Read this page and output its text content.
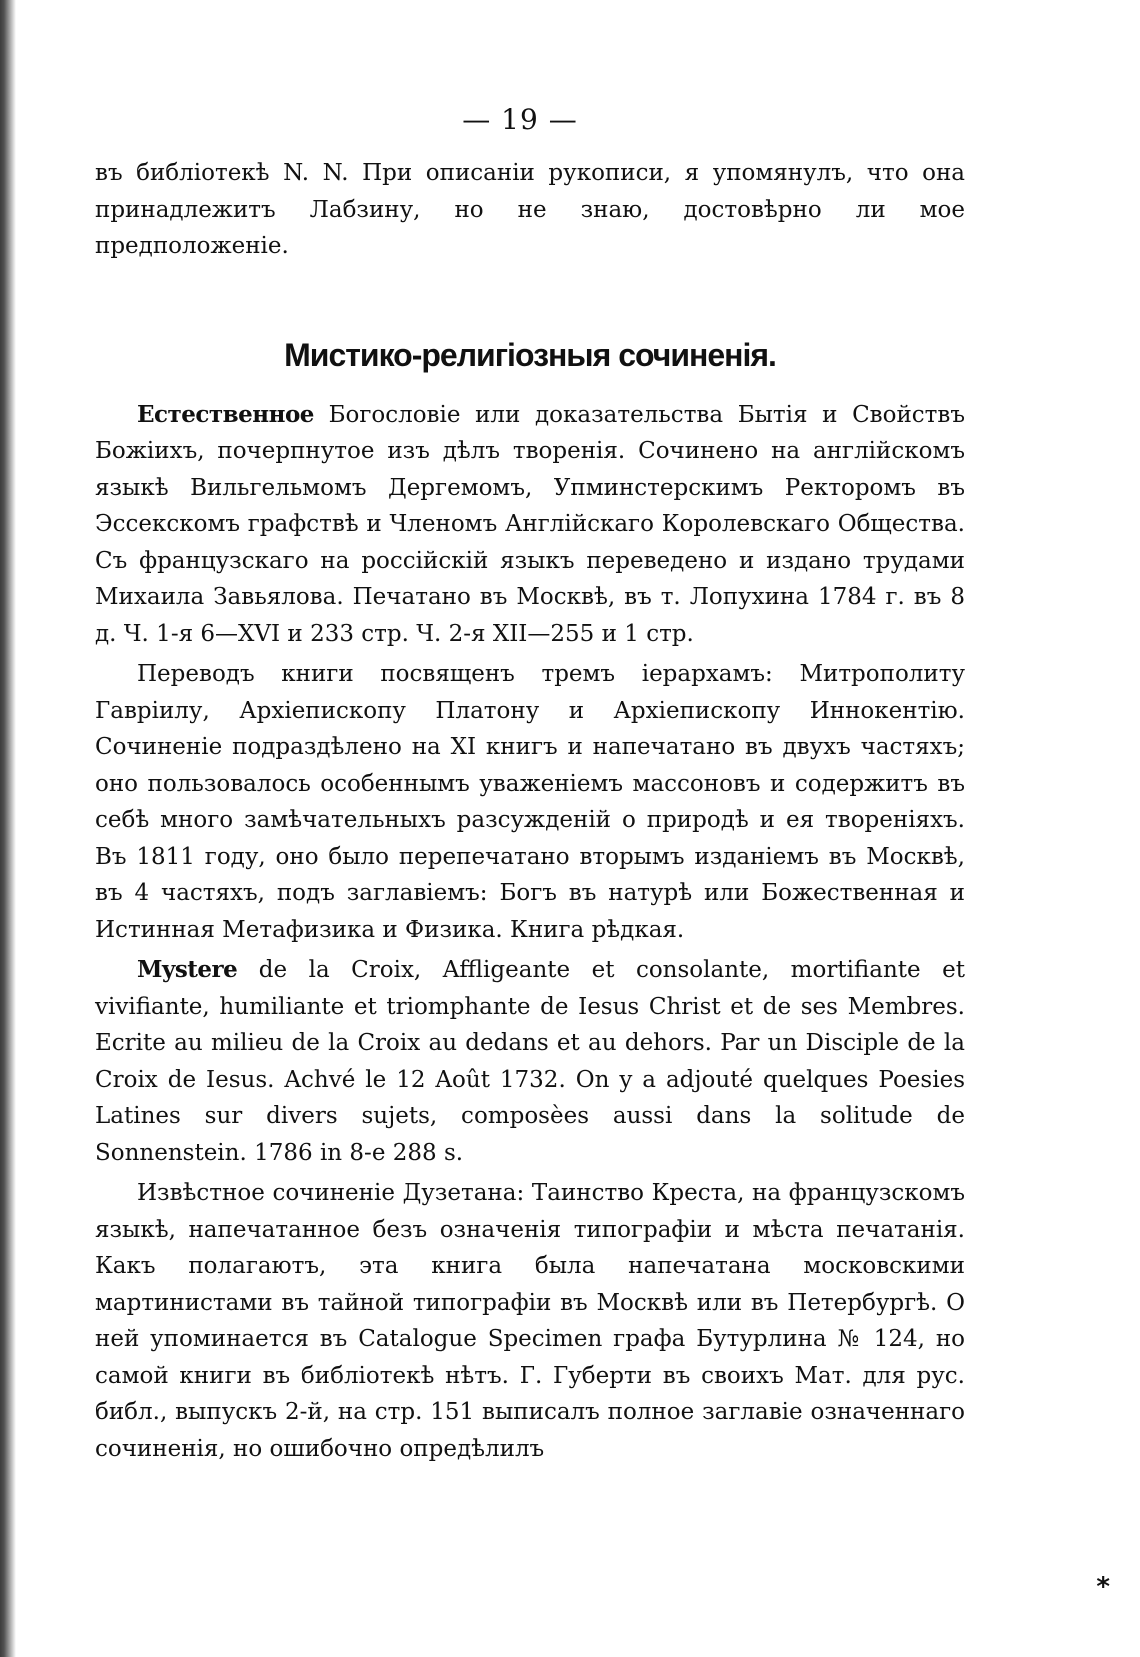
— 19 —

въ библіотекѣ N. N. При описаніи рукописи, я упомянулъ, что она принадлежитъ Лабзину, но не знаю, достовѣрно ли мое предположеніе.

Мистико-религіозныя сочиненія.

Естественное Богословіе или доказательства Бытія и Свойствъ Божіихъ, почерпнутое изъ дѣлъ творенія. Сочинено на англійскомъ языкѣ Вильгельмомъ Дергемомъ, Упминстерскимъ Ректоромъ въ Эссекскомъ графствѣ и Членомъ Англійскаго Королевскаго Общества. Съ французскаго на россійскій языкъ переведено и издано трудами Михаила Завьялова. Печатано въ Москвѣ, въ т. Лопухина 1784 г. въ 8 д. Ч. 1-я 6—XVI и 233 стр. Ч. 2-я XII—255 и 1 стр.

Переводъ книги посвященъ тремъ іерархамъ: Митрополиту Гаврiилу, Архіепископу Платону и Архіепископу Иннокентію. Сочиненіе подраздѣлено на XI книгъ и напечатано въ двухъ частяхъ; оно пользовалось особеннымъ уваженіемъ массоновъ и содержитъ въ себѣ много замѣчательныхъ разсужденій о природѣ и ея твореніяхъ. Въ 1811 году, оно было перепечатано вторымъ изданіемъ въ Москвѣ, въ 4 частяхъ, подъ заглавіемъ: Богъ въ натурѣ или Божественная и Истинная Метафизика и Физика. Книга рѣдкая.

Mystere de la Croix, Affligeante et consolante, mortifiante et vivifiante, humiliante et triomphante de Iesus Christ et de ses Membres. Ecrite au milieu de la Croix au dedans et au dehors. Par un Disciple de la Croix de Iesus. Achvé le 12 Août 1732. On y a adjouté quelques Poesies Latines sur divers sujets, composèes aussi dans la solitude de Sonnenstein. 1786 in 8-е 288 s.

Извѣстное сочиненіе Дузетана: Таинство Креста, на французскомъ языкѣ, напечатанное безъ означенія типографіи и мѣста печатанія. Какъ полагаютъ, эта книга была напечатана московскими мартинистами въ тайной типографіи въ Москвѣ или въ Петербургѣ. О ней упоминается въ Catalogue Specimen графа Бутурлина № 124, но самой книги въ библіотекѣ нѣтъ. Г. Губерти въ своихъ Мат. для рус. библ., выпускъ 2-й, на стр. 151 выписалъ полное заглавіе означеннаго сочиненія, но ошибочно опредѣлилъ

*
